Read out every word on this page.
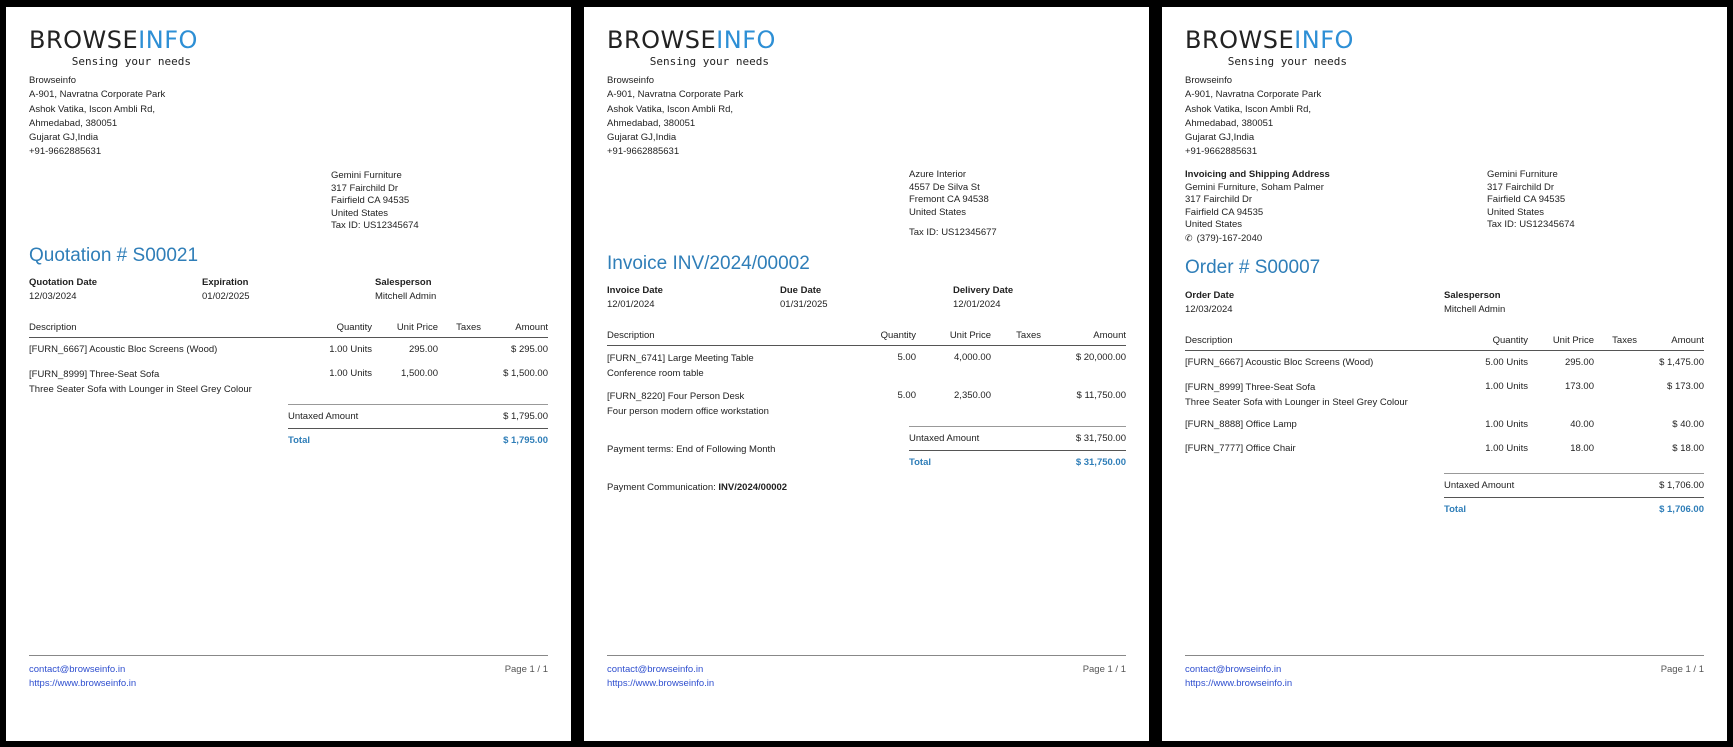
BROWSEINFO
Sensing your needs
Browseinfo
A-901, Navratna Corporate Park
Ashok Vatika, Iscon Ambli Rd,
Ahmedabad, 380051
Gujarat GJ,India
+91-9662885631
Gemini Furniture
317 Fairchild Dr
Fairfield CA 94535
United States
Tax ID: US12345674
Quotation # S00021
Quotation Date
12/03/2024
Expiration
01/02/2025
Salesperson
Mitchell Admin
Description	Quantity	Unit Price Taxes	Amount
[FURN_6667] Acoustic Bloc Screens (Wood)	1.00 Units	295.00	$ 295.00
[FURN_8999] Three-Seat Sofa
Three Seater Sofa with Lounger in Steel Grey Colour
1.00 Units	1,500.00	$ 1,500.00
Untaxed Amount	$ 1,795.00
Total	$ 1,795.00
contact@browseinfo.in
https://www.browseinfo.in
Page 1 / 1
BROWSEINFO
Sensing your needs
Browseinfo
A-901, Navratna Corporate Park
Ashok Vatika, Iscon Ambli Rd,
Ahmedabad, 380051
Gujarat GJ,India
+91-9662885631
Azure Interior
4557 De Silva St
Fremont CA 94538
United States
Tax ID: US12345677
Invoice INV/2024/00002
Invoice Date
12/01/2024
Due Date
01/31/2025
Delivery Date
12/01/2024
Description	Quantity	Unit Price	Taxes	Amount
[FURN_6741] Large Meeting Table
Conference room table
5.00	4,000.00	$ 20,000.00
[FURN_8220] Four Person Desk
Four person modern office workstation
5.00	2,350.00	$ 11,750.00
Payment terms: End of Following Month
Payment Communication: INV/2024/00002
Untaxed Amount	$ 31,750.00
Total	$ 31,750.00
contact@browseinfo.in
https://www.browseinfo.in
Page 1 / 1
BROWSEINFO
Sensing your needs
Browseinfo
A-901, Navratna Corporate Park
Ashok Vatika, Iscon Ambli Rd,
Ahmedabad, 380051
Gujarat GJ,India
+91-9662885631
Invoicing and Shipping Address
Gemini Furniture, Soham Palmer
317 Fairchild Dr
Fairfield CA 94535
United States
✆ (379)-167-2040
Gemini Furniture
317 Fairchild Dr
Fairfield CA 94535
United States
Tax ID: US12345674
Order # S00007
Order Date
12/03/2024
Salesperson
Mitchell Admin
Description	Quantity	Unit Price Taxes	Amount
[FURN_6667] Acoustic Bloc Screens (Wood)	5.00 Units	295.00	$ 1,475.00
[FURN_8999] Three-Seat Sofa
Three Seater Sofa with Lounger in Steel Grey Colour
1.00 Units	173.00	$ 173.00
[FURN_8888] Office Lamp	1.00 Units	40.00	$ 40.00
[FURN_7777] Office Chair	1.00 Units	18.00	$ 18.00
Untaxed Amount	$ 1,706.00
Total	$ 1,706.00
contact@browseinfo.in
https://www.browseinfo.in
Page 1 / 1
